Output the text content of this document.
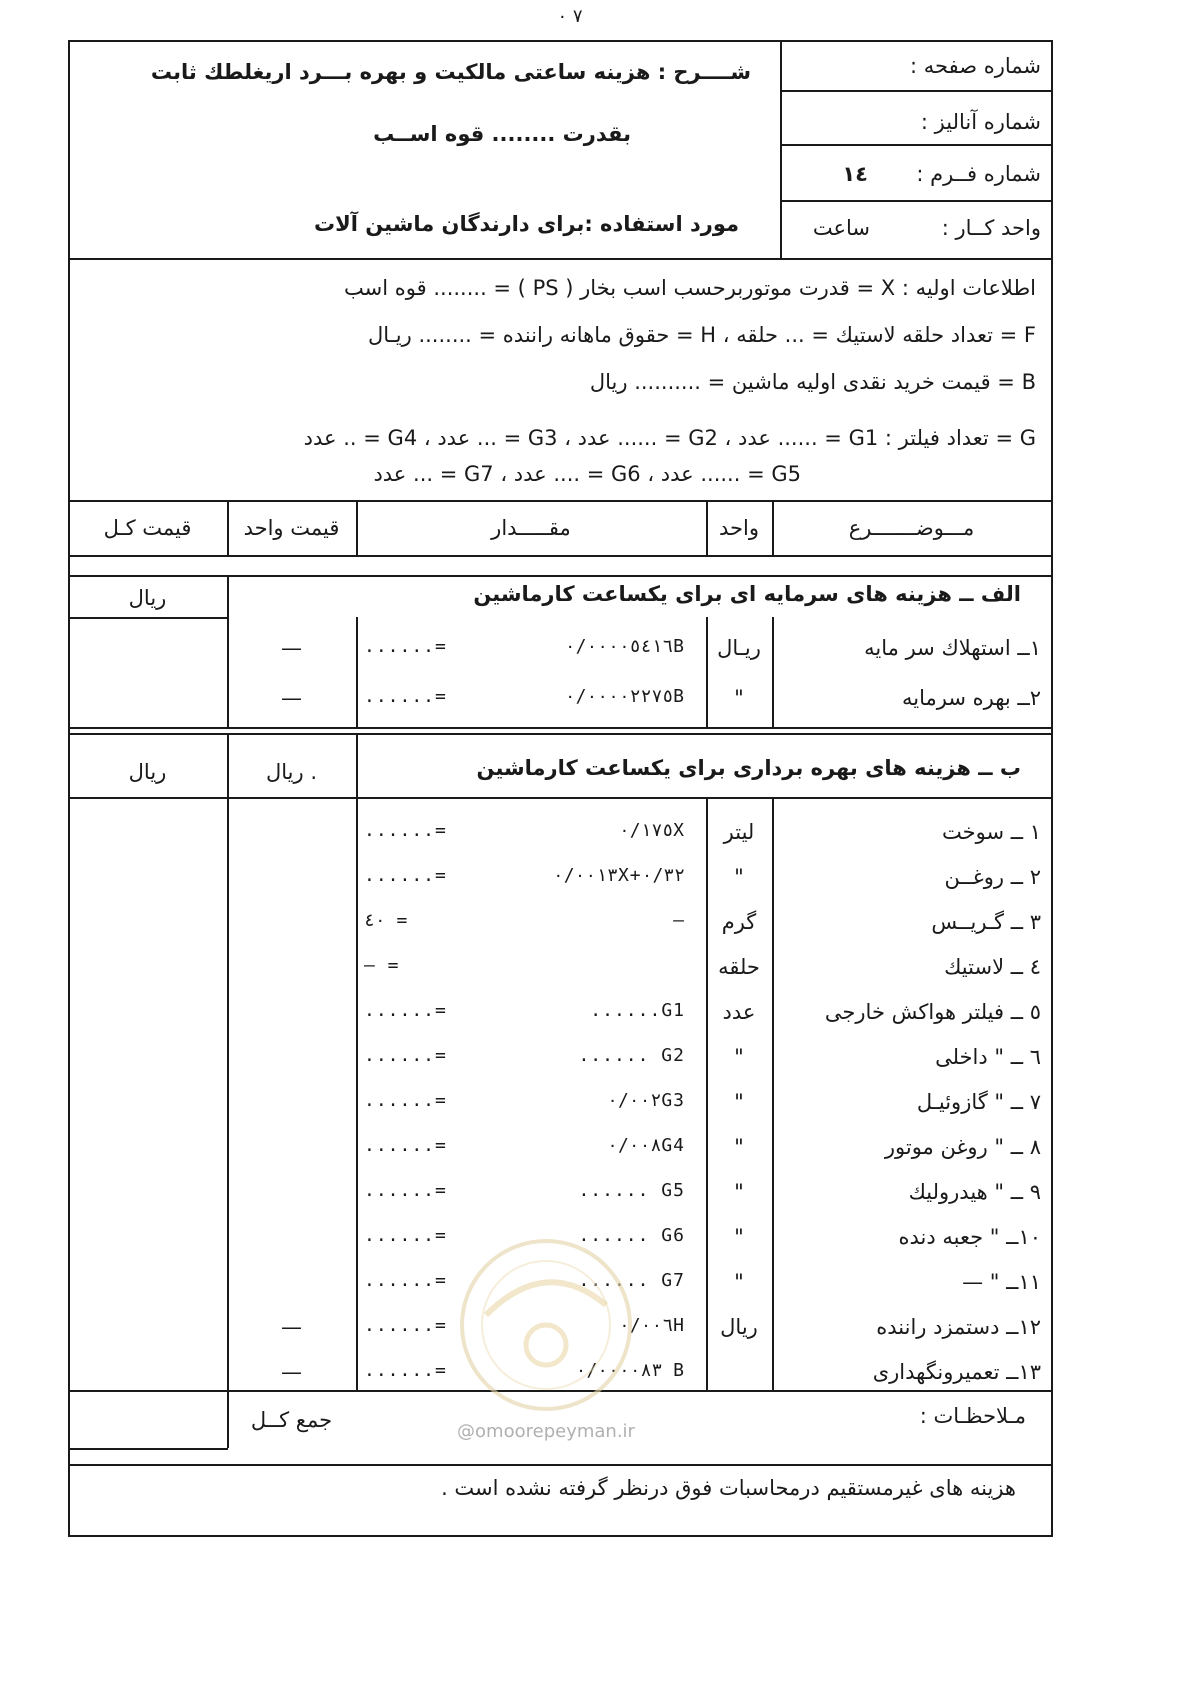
۰ ۷
شــــرح : هزینه ساعتی مالکیت و بهره بـــرد اریغلطك ثابت
بقدرت ........ قوه اســب
مورد استفاده :برای دارندگان ماشین آلات
شماره صفحه :
شماره آنالیز :
شماره فــرم :
١٤
واحد کــار :
ساعت
اطلاعات اولیه : X = قدرت موتوربرحسب اسب بخار ( PS ) = ........ قوه اسب
F = تعداد حلقه لاستیك = ... حلقه ، H = حقوق ماهانه راننده = ........ ریـال
B = قیمت خرید نقدی اولیه ماشین = .......... ریال
G = تعداد فیلتر : G1 = ...... عدد ، G2 = ...... عدد ، G3 = ... عدد ، G4 = .. عدد
G5 = ...... عدد ، G6 = .... عدد ، G7 = ... عدد
مـــوضـــــــرع
واحد
مقـــــدار
قیمت واحد
قیمت کـل
الف ــ هزینه های سرمایه ای برای یکساعت کارماشین
ریال
١ــ استهلاك سر مایه
ریـال
٠/٠٠٠٠٥٤١٦B
......=
—
٢ــ بهره سرمایه
"
٠/٠٠٠٠٢٢٧٥B
......=
—
ب ــ هزینه های بهره برداری برای یکساعت کارماشین
ریال .
ریال
١ ــ سوخت
لیتر
٠/١٧٥X
......=
٢ ــ روغــن
"
٠/٠٠١٣X+٠/٣٢
......=
٣ ــ گـریــس
گرم
—
٤٠ =
٤ ــ لاستیك
حلقه
— =
٥ ــ فیلتر هواکش خارجی
عدد
......G1
......=
٦ ــ " داخلی
"
...... G2
......=
٧ ــ " گازوئیـل
"
٠/٠٠٢G3
......=
٨ ــ " روغن موتور
"
٠/٠٠٨G4
......=
٩ ــ " هیدرولیك
"
...... G5
......=
١٠ــ " جعبه دنده
"
...... G6
......=
١١ــ " —
"
...... G7
......=
١٢ــ دستمزد راننده
ریال
٠/٠٠٦H
......=
—
١٣ــ تعمیرونگهداری
٠/٠٠٠٠٨٣ B
......=
—
مـلاحظـات :
جمع کــل
هزینه های غیرمستقیم درمحاسبات فوق درنظر گرفته نشده است .
@omoorepeyman.ir
